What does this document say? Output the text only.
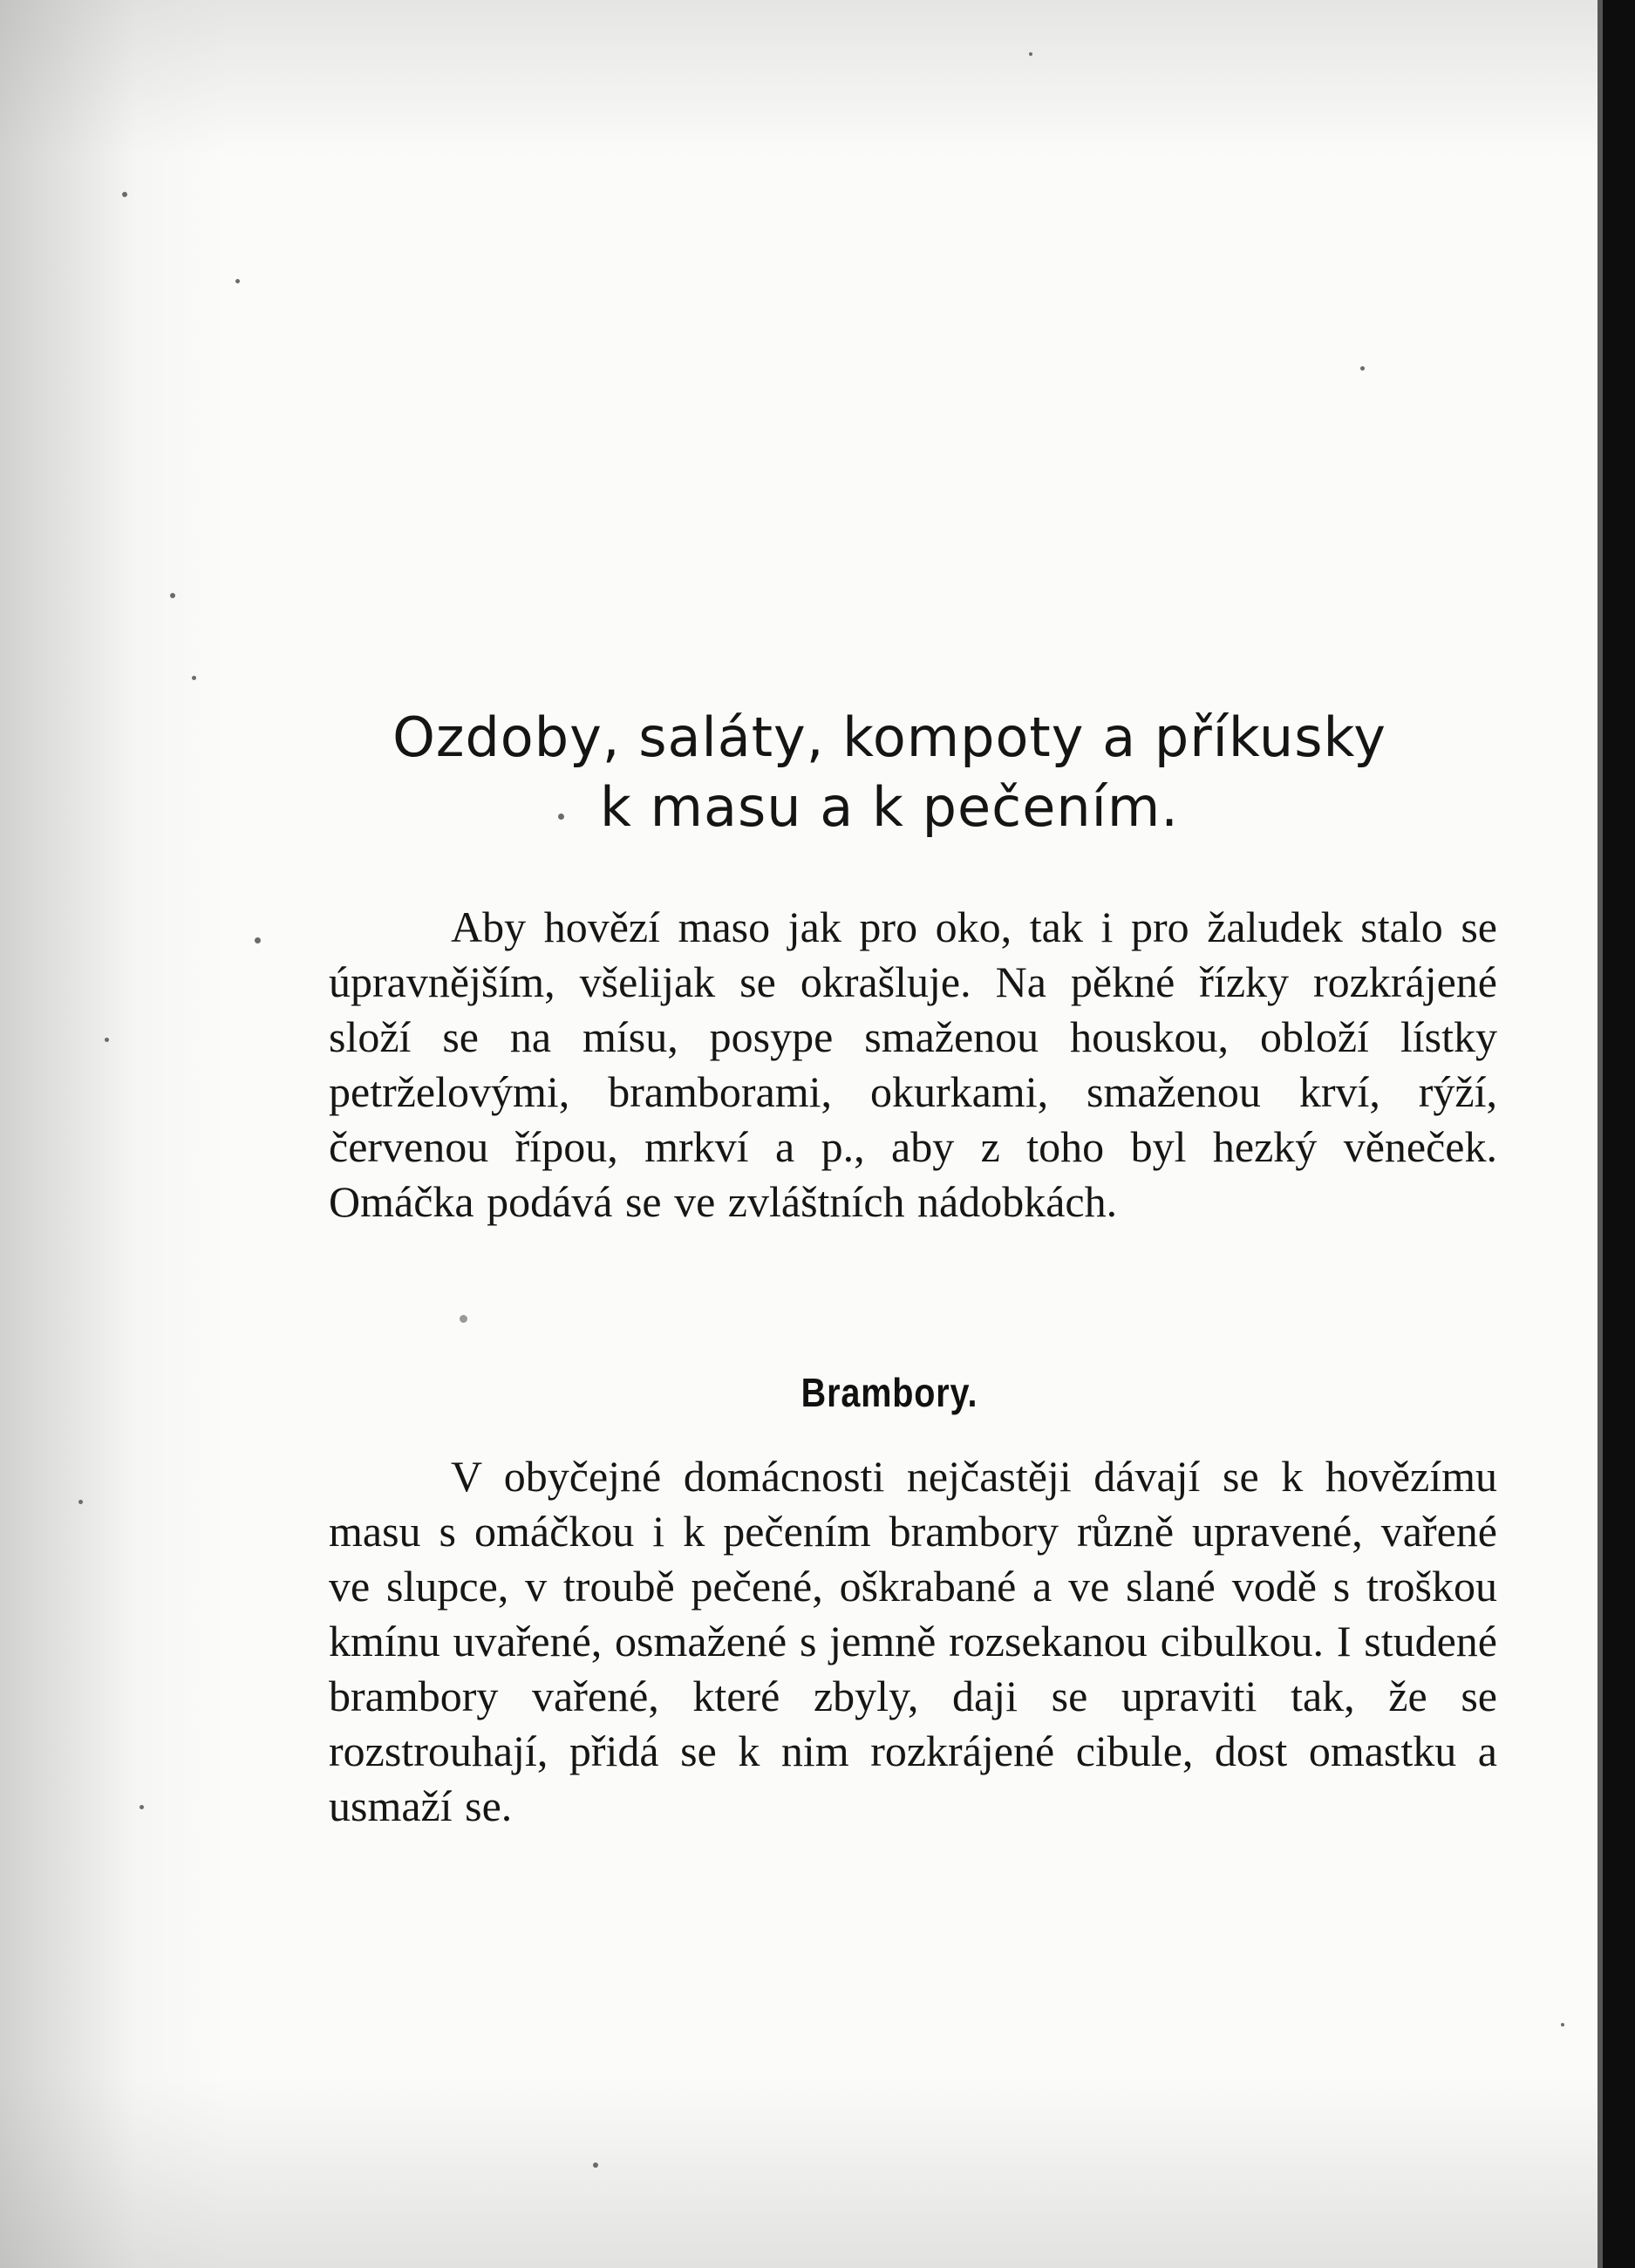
Ozdoby, saláty, kompoty a příkusky
k masu a k pečením.

Aby hovězí maso jak pro oko, tak i pro žaludek stalo se úpravnějším, všelijak se okrašluje. Na pěkné řízky rozkrájené složí se na mísu, posype smaženou houskou, obloží lístky petrželovými, bramborami, okurkami, smaženou krví, rýží, červenou řípou, mrkví a p., aby z toho byl hezký věneček. Omáčka podává se ve zvláštních nádobkách.

Brambory.

V obyčejné domácnosti nejčastěji dávají se k hovězímu masu s omáčkou i k pečením brambory různě upravené, vařené ve slupce, v troubě pečené, oškrabané a ve slané vodě s troškou kmínu uvařené, osmažené s jemně rozsekanou cibulkou. I studené brambory vařené, které zbyly, daji se upraviti tak, že se rozstrouhají, přidá se k nim rozkrájené cibule, dost omastku a usmaží se.
